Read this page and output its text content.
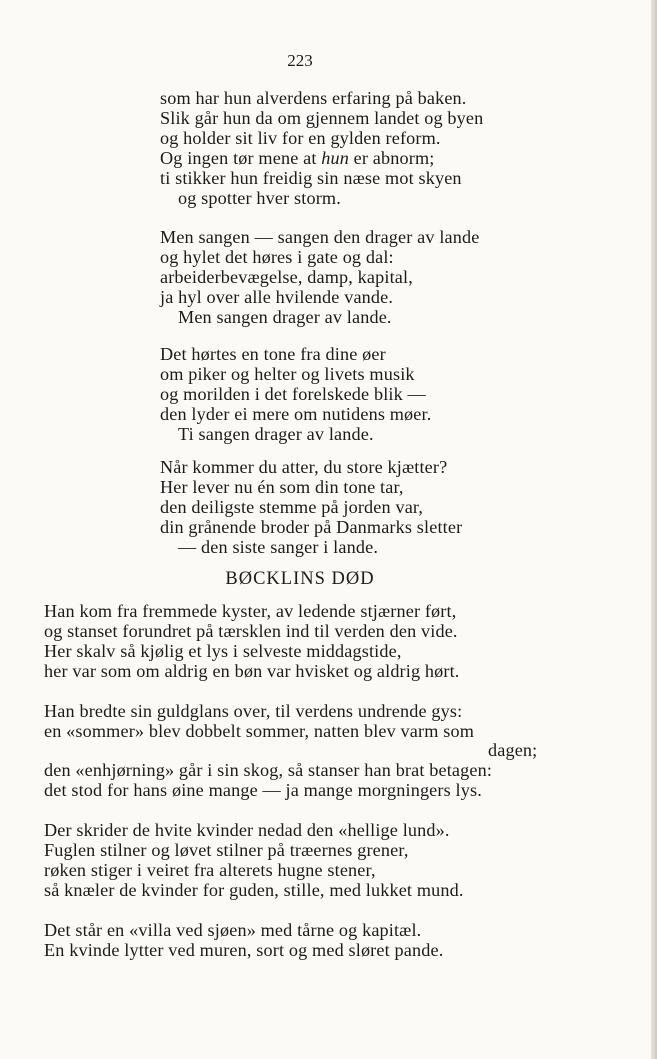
223
som har hun alverdens erfaring på baken.
Slik går hun da om gjennem landet og byen
og holder sit liv for en gylden reform.
Og ingen tør mene at hun er abnorm;
ti stikker hun freidig sin næse mot skyen
og spotter hver storm.
Men sangen — sangen den drager av lande
og hylet det høres i gate og dal:
arbeiderbevægelse, damp, kapital,
ja hyl over alle hvilende vande.
Men sangen drager av lande.
Det hørtes en tone fra dine øer
om piker og helter og livets musik
og morilden i det forelskede blik —
den lyder ei mere om nutidens møer.
Ti sangen drager av lande.
Når kommer du atter, du store kjætter?
Her lever nu én som din tone tar,
den deiligste stemme på jorden var,
din grånende broder på Danmarks sletter
— den siste sanger i lande.
BØCKLINS DØD
Han kom fra fremmede kyster, av ledende stjærner ført,
og stanset forundret på tærsklen ind til verden den vide.
Her skalv så kjølig et lys i selveste middagstide,
her var som om aldrig en bøn var hvisket og aldrig hørt.
Han bredte sin guldglans over, til verdens undrende gys:
en «sommer» blev dobbelt sommer, natten blev varm som
dagen;
den «enhjørning» går i sin skog, så stanser han brat betagen:
det stod for hans øine mange — ja mange morgningers lys.
Der skrider de hvite kvinder nedad den «hellige lund».
Fuglen stilner og løvet stilner på træernes grener,
røken stiger i veiret fra alterets hugne stener,
så knæler de kvinder for guden, stille, med lukket mund.
Det står en «villa ved sjøen» med tårne og kapitæl.
En kvinde lytter ved muren, sort og med sløret pande.
